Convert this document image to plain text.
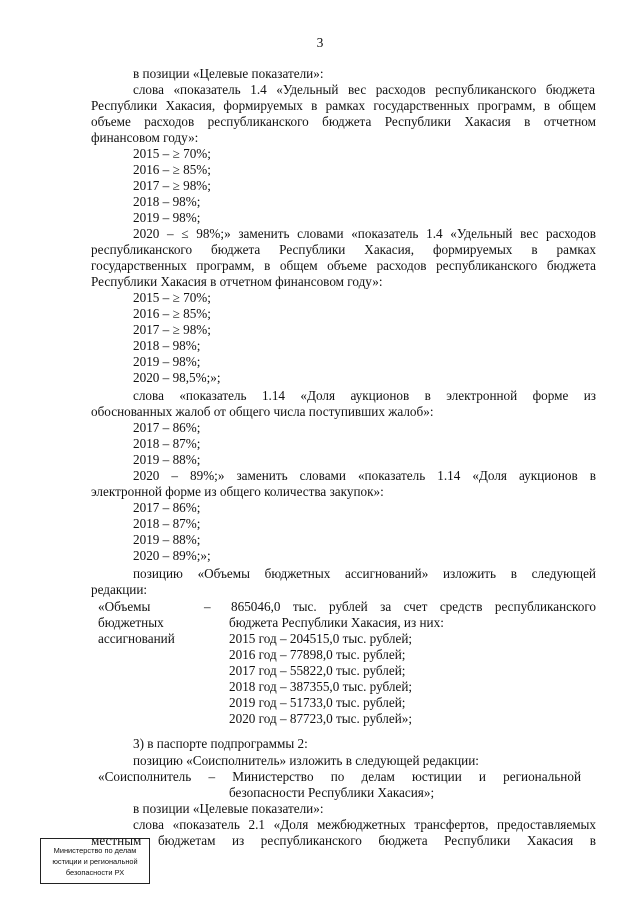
3
в позиции «Целевые показатели»:
слова «показатель 1.4 «Удельный вес расходов республиканского бюджета
Республики Хакасия, формируемых в рамках государственных программ, в общем
объеме расходов республиканского бюджета Республики Хакасия в отчетном
финансовом году»:
2015 – ≥ 70%;
2016 – ≥ 85%;
2017 – ≥ 98%;
2018 – 98%;
2019 – 98%;
2020 – ≤ 98%;» заменить словами «показатель 1.4 «Удельный вес расходов
республиканского бюджета Республики Хакасия, формируемых в рамках
государственных программ, в общем объеме расходов республиканского бюджета
Республики Хакасия в отчетном финансовом году»:
2015 – ≥ 70%;
2016 – ≥ 85%;
2017 – ≥ 98%;
2018 – 98%;
2019 – 98%;
2020 – 98,5%;»;
слова «показатель 1.14 «Доля аукционов в электронной форме из
обоснованных жалоб от общего числа поступивших жалоб»:
2017 – 86%;
2018 – 87%;
2019 – 88%;
2020 – 89%;» заменить словами «показатель 1.14 «Доля аукционов в
электронной форме из общего количества закупок»:
2017 – 86%;
2018 – 87%;
2019 – 88%;
2020 – 89%;»;
позицию «Объемы бюджетных ассигнований» изложить в следующей
редакции:
3) в паспорте подпрограммы 2:
позицию «Соисполнитель» изложить в следующей редакции:
«Соисполнитель – Министерство по делам юстиции и региональной
безопасности Республики Хакасия»;
в позиции «Целевые показатели»:
слова «показатель 2.1 «Доля межбюджетных трансфертов, предоставляемых
местным бюджетам из республиканского бюджета Республики Хакасия в
«Объемы
бюджетных
ассигнований
– 865046,0 тыс. рублей за счет средств республиканского
бюджета Республики Хакасия, из них:
2015 год – 204515,0 тыс. рублей;
2016 год – 77898,0 тыс. рублей;
2017 год – 55822,0 тыс. рублей;
2018 год – 387355,0 тыс. рублей;
2019 год – 51733,0 тыс. рублей;
2020 год – 87723,0 тыс. рублей»;
Министерство по делам
юстиции и региональной
безопасности РХ
